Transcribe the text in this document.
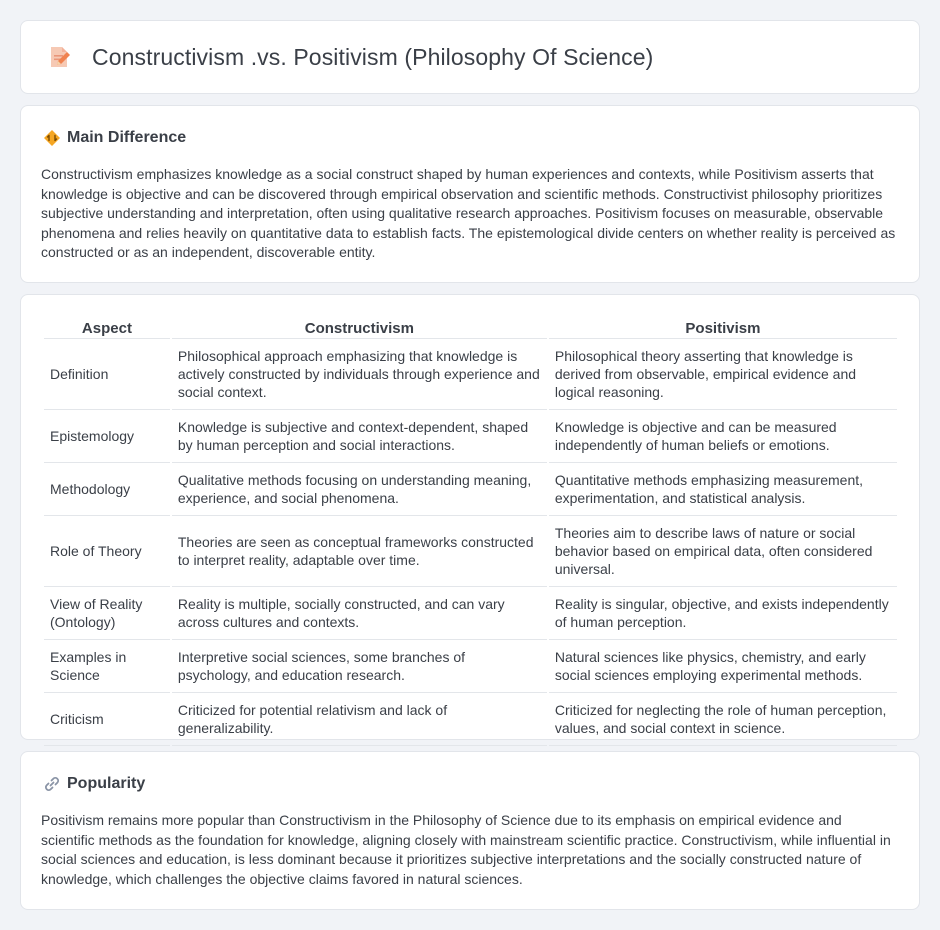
Constructivism .vs. Positivism (Philosophy Of Science)
Main Difference

Constructivism emphasizes knowledge as a social construct shaped by human experiences and contexts, while Positivism asserts that knowledge is objective and can be discovered through empirical observation and scientific methods. Constructivist philosophy prioritizes subjective understanding and interpretation, often using qualitative research approaches. Positivism focuses on measurable, observable phenomena and relies heavily on quantitative data to establish facts. The epistemological divide centers on whether reality is perceived as constructed or as an independent, discoverable entity.

Aspect	Constructivism	Positivism
Definition	Philosophical approach emphasizing that knowledge is actively constructed by individuals through experience and social context.	Philosophical theory asserting that knowledge is derived from observable, empirical evidence and logical reasoning.
Epistemology	Knowledge is subjective and context-dependent, shaped by human perception and social interactions.	Knowledge is objective and can be measured independently of human beliefs or emotions.
Methodology	Qualitative methods focusing on understanding meaning, experience, and social phenomena.	Quantitative methods emphasizing measurement, experimentation, and statistical analysis.
Role of Theory	Theories are seen as conceptual frameworks constructed to interpret reality, adaptable over time.	Theories aim to describe laws of nature or social behavior based on empirical data, often considered universal.
View of Reality (Ontology)	Reality is multiple, socially constructed, and can vary across cultures and contexts.	Reality is singular, objective, and exists independently of human perception.
Examples in Science	Interpretive social sciences, some branches of psychology, and education research.	Natural sciences like physics, chemistry, and early social sciences employing experimental methods.
Criticism	Criticized for potential relativism and lack of generalizability.	Criticized for neglecting the role of human perception, values, and social context in science.
Popularity

Positivism remains more popular than Constructivism in the Philosophy of Science due to its emphasis on empirical evidence and scientific methods as the foundation for knowledge, aligning closely with mainstream scientific practice. Constructivism, while influential in social sciences and education, is less dominant because it prioritizes subjective interpretations and the socially constructed nature of knowledge, which challenges the objective claims favored in natural sciences.
